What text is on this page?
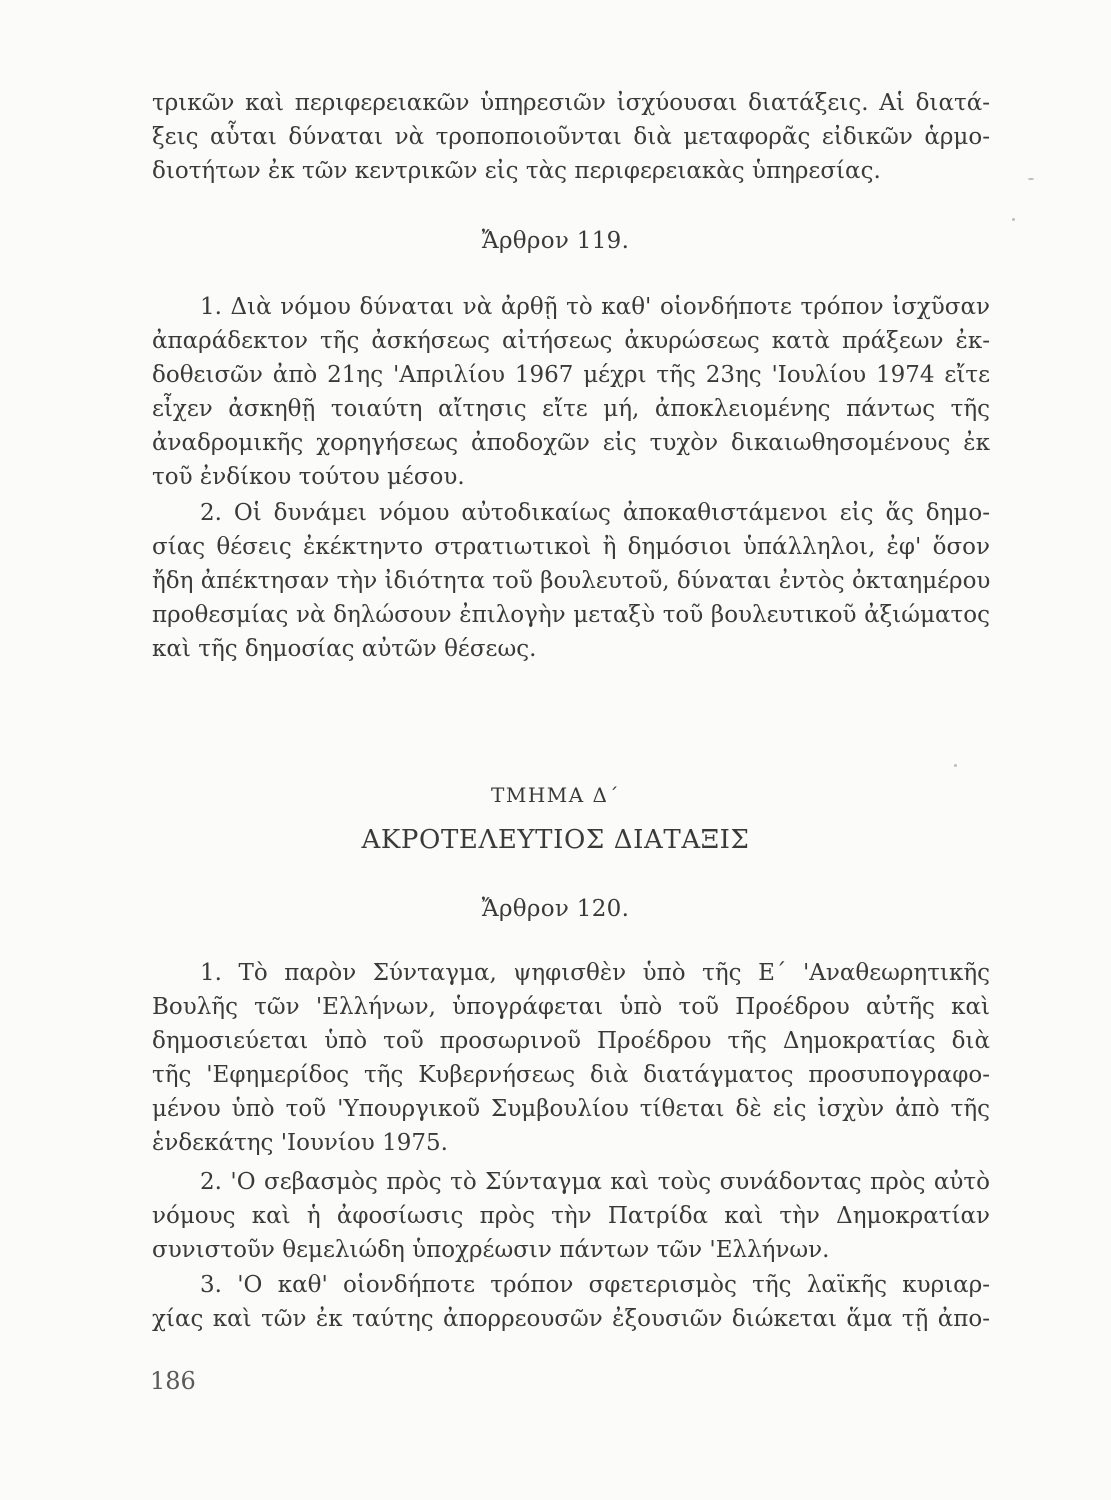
τρικῶν καὶ περιφερειακῶν ὑπηρεσιῶν ἰσχύουσαι διατάξεις. Αἱ διατά-
ξεις αὗται δύναται νὰ τροποποιοῦνται διὰ μεταφορᾶς εἰδικῶν ἁρμο-
διοτήτων ἐκ τῶν κεντρικῶν εἰς τὰς περιφερειακὰς ὑπηρεσίας.
Ἄρθρον 119.
1. Διὰ νόμου δύναται νὰ ἀρθῇ τὸ καθ' οἱονδήποτε τρόπον ἰσχῦσαν
ἀπαράδεκτον τῆς ἀσκήσεως αἰτήσεως ἀκυρώσεως κατὰ πράξεων ἐκ-
δοθεισῶν ἀπὸ 21ης 'Απριλίου 1967 μέχρι τῆς 23ης 'Ιουλίου 1974 εἴτε
εἶχεν ἀσκηθῇ τοιαύτη αἴτησις εἴτε μή, ἀποκλειομένης πάντως τῆς
ἀναδρομικῆς χορηγήσεως ἀποδοχῶν εἰς τυχὸν δικαιωθησομένους ἐκ
τοῦ ἐνδίκου τούτου μέσου.
2. Οἱ δυνάμει νόμου αὐτοδικαίως ἀποκαθιστάμενοι εἰς ἅς δημο-
σίας θέσεις ἐκέκτηντο στρατιωτικοὶ ἢ δημόσιοι ὑπάλληλοι, ἐφ' ὅσον
ἤδη ἀπέκτησαν τὴν ἰδιότητα τοῦ βουλευτοῦ, δύναται ἐντὸς ὀκταημέρου
προθεσμίας νὰ δηλώσουν ἐπιλογὴν μεταξὺ τοῦ βουλευτικοῦ ἀξιώματος
καὶ τῆς δημοσίας αὐτῶν θέσεως.
ΤΜΗΜΑ Δ΄
ΑΚΡΟΤΕΛΕΥΤΙΟΣ ΔΙΑΤΑΞΙΣ
Ἄρθρον 120.
1. Τὸ παρὸν Σύνταγμα, ψηφισθὲν ὑπὸ τῆς Ε΄ 'Αναθεωρητικῆς
Βουλῆς τῶν 'Ελλήνων, ὑπογράφεται ὑπὸ τοῦ Προέδρου αὐτῆς καὶ
δημοσιεύεται ὑπὸ τοῦ προσωρινοῦ Προέδρου τῆς Δημοκρατίας διὰ
τῆς 'Εφημερίδος τῆς Κυβερνήσεως διὰ διατάγματος προσυπογραφο-
μένου ὑπὸ τοῦ 'Υπουργικοῦ Συμβουλίου τίθεται δὲ εἰς ἰσχὺν ἀπὸ τῆς
ἑνδεκάτης 'Ιουνίου 1975.
2. 'Ο σεβασμὸς πρὸς τὸ Σύνταγμα καὶ τοὺς συνάδοντας πρὸς αὐτὸ
νόμους καὶ ἡ ἀφοσίωσις πρὸς τὴν Πατρίδα καὶ τὴν Δημοκρατίαν
συνιστοῦν θεμελιώδη ὑποχρέωσιν πάντων τῶν 'Ελλήνων.
3. 'Ο καθ' οἱονδήποτε τρόπον σφετερισμὸς τῆς λαϊκῆς κυριαρ-
χίας καὶ τῶν ἐκ ταύτης ἀπορρεουσῶν ἐξουσιῶν διώκεται ἅμα τῇ ἀπο-
186
